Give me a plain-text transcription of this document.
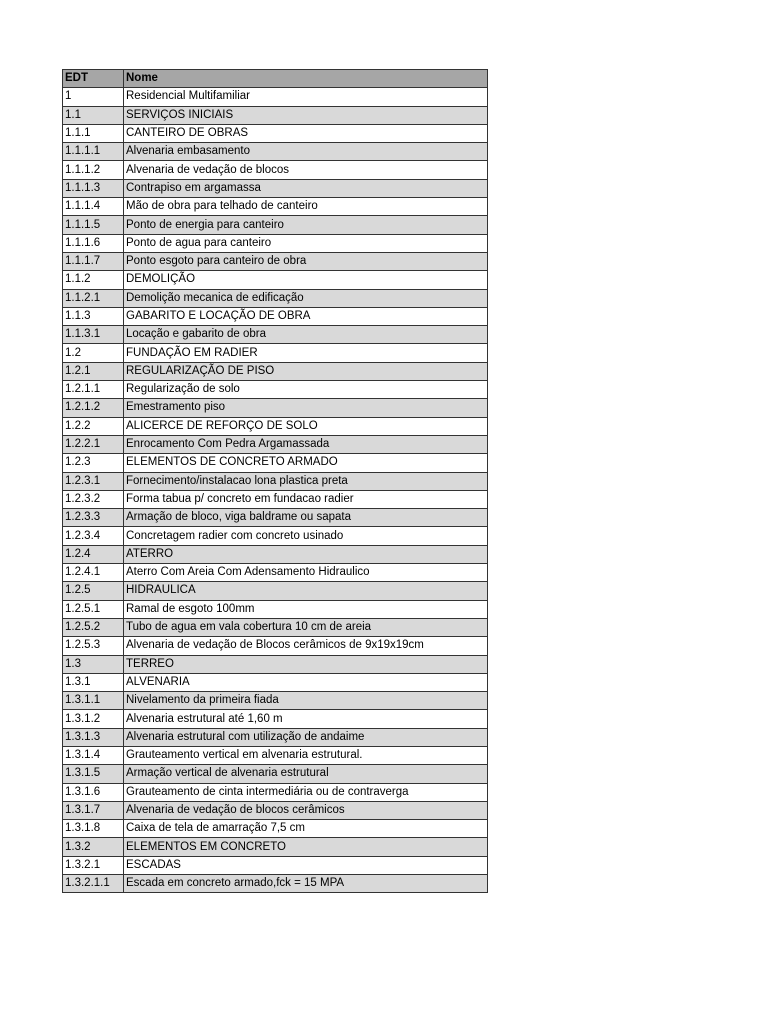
EDT	Nome
1	Residencial Multifamiliar
1.1	SERVIÇOS INICIAIS
1.1.1	CANTEIRO DE OBRAS
1.1.1.1	Alvenaria embasamento
1.1.1.2	Alvenaria de vedação de blocos
1.1.1.3	Contrapiso em argamassa
1.1.1.4	Mão de obra para telhado de canteiro
1.1.1.5	Ponto de energia para canteiro
1.1.1.6	Ponto de agua para canteiro
1.1.1.7	Ponto esgoto para canteiro de obra
1.1.2	DEMOLIÇÃO
1.1.2.1	Demolição mecanica de edificação
1.1.3	GABARITO E LOCAÇÃO DE OBRA
1.1.3.1	Locação e gabarito de obra
1.2	FUNDAÇÃO EM RADIER
1.2.1	REGULARIZAÇÃO DE PISO
1.2.1.1	Regularização de solo
1.2.1.2	Emestramento piso
1.2.2	ALICERCE DE REFORÇO DE SOLO
1.2.2.1	Enrocamento Com Pedra Argamassada
1.2.3	ELEMENTOS DE CONCRETO ARMADO
1.2.3.1	Fornecimento/instalacao lona plastica preta
1.2.3.2	Forma tabua p/ concreto em fundacao radier
1.2.3.3	Armação de bloco, viga baldrame ou sapata
1.2.3.4	Concretagem radier com concreto usinado
1.2.4	ATERRO
1.2.4.1	Aterro Com Areia Com Adensamento Hidraulico
1.2.5	HIDRAULICA
1.2.5.1	Ramal de esgoto 100mm
1.2.5.2	Tubo de agua em vala cobertura 10 cm de areia
1.2.5.3	Alvenaria de vedação de Blocos cerâmicos de 9x19x19cm
1.3	TERREO
1.3.1	ALVENARIA
1.3.1.1	Nivelamento da primeira fiada
1.3.1.2	Alvenaria estrutural até 1,60 m
1.3.1.3	Alvenaria estrutural com utilização de andaime
1.3.1.4	Grauteamento vertical em alvenaria estrutural.
1.3.1.5	Armação vertical de alvenaria estrutural
1.3.1.6	Grauteamento de cinta intermediária ou de contraverga
1.3.1.7	Alvenaria de vedação de blocos cerâmicos
1.3.1.8	Caixa de tela de amarração 7,5 cm
1.3.2	ELEMENTOS EM CONCRETO
1.3.2.1	ESCADAS
1.3.2.1.1	Escada em concreto armado,fck = 15 MPA
